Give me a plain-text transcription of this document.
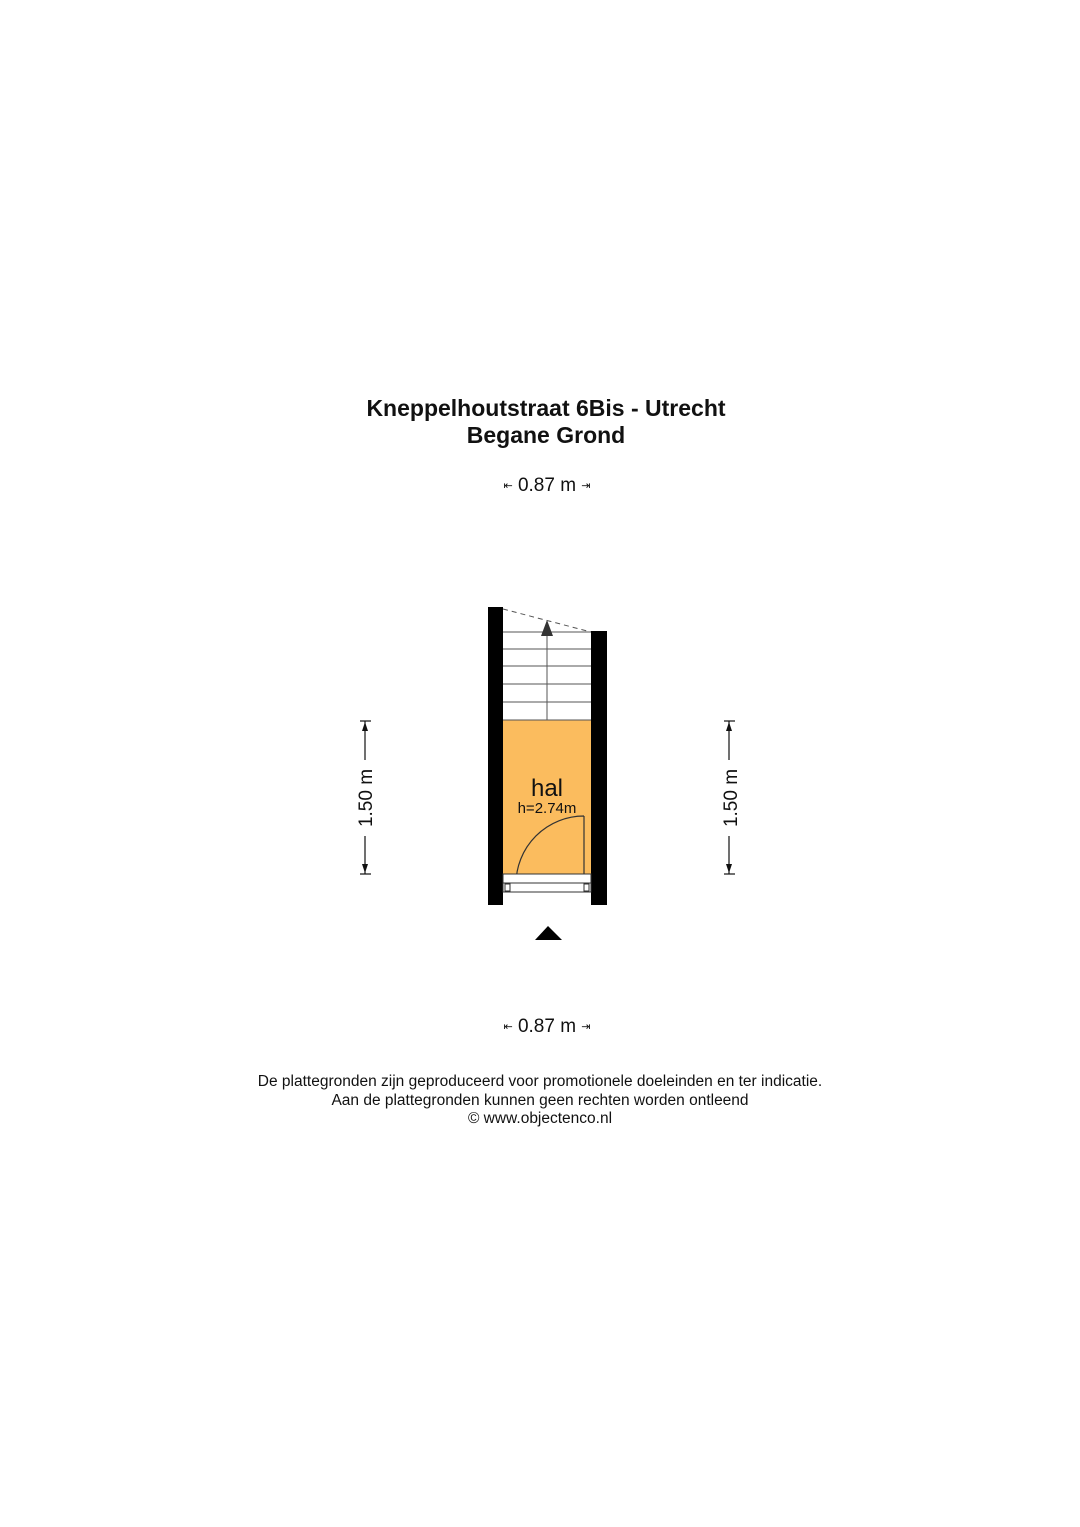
Kneppelhoutstraat 6Bis - Utrecht
Begane Grond
⇤ 0.87 m ⇥
hal
h=2.74m
1.50 m	1.50 m
⇤ 0.87 m ⇥
De plattegronden zijn geproduceerd voor promotionele doeleinden en ter indicatie.
Aan de plattegronden kunnen geen rechten worden ontleend
© www.objectenco.nl
